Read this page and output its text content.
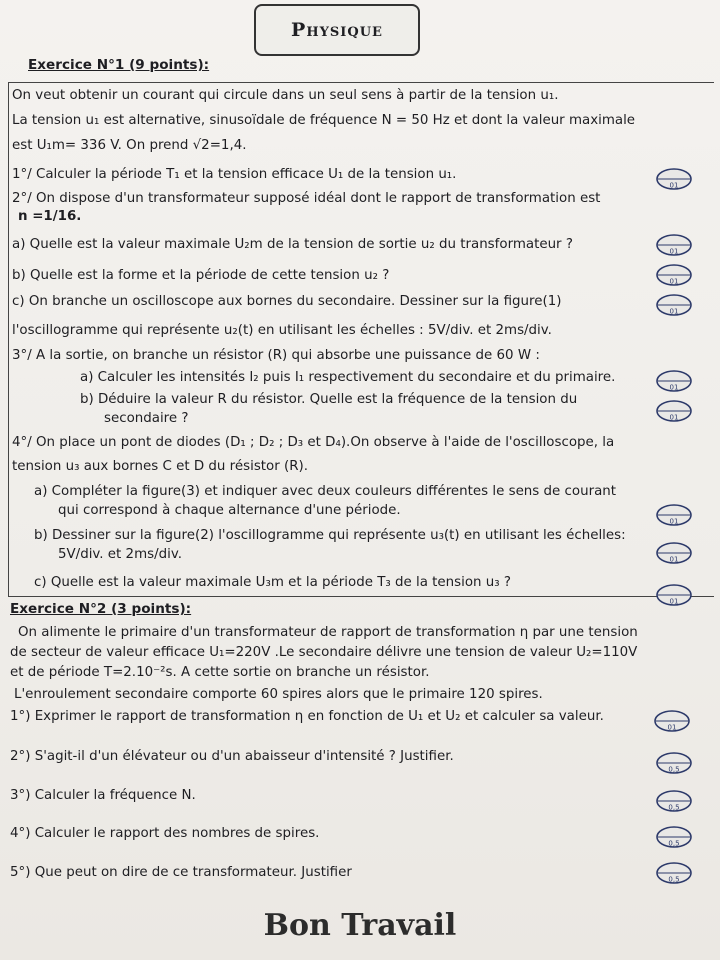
Physique
Exercice N°1 (9 points):
On veut obtenir un courant qui circule dans un seul sens à partir de la tension u₁.
La tension u₁ est alternative, sinusoïdale de fréquence N = 50 Hz et dont la valeur maximale
est U₁m= 336 V. On prend √2=1,4.
1°/ Calculer la période T₁ et la tension efficace U₁ de la tension u₁.
2°/ On dispose d'un transformateur supposé idéal dont le rapport de transformation est
n =1/16.
a) Quelle est la valeur maximale U₂m de la tension de sortie u₂ du transformateur ?
b) Quelle est la forme et la période de cette tension u₂ ?
c) On branche un oscilloscope aux bornes du secondaire. Dessiner sur la figure(1)
l'oscillogramme qui représente u₂(t) en utilisant les échelles : 5V/div. et 2ms/div.
3°/ A la sortie, on branche un résistor (R) qui absorbe une puissance de 60 W :
a) Calculer les intensités I₂ puis I₁ respectivement du secondaire et du primaire.
b) Déduire la valeur R du résistor. Quelle est la fréquence de la tension du
secondaire ?
4°/ On place un pont de diodes (D₁ ; D₂ ; D₃ et D₄).On observe à l'aide de l'oscilloscope, la
tension u₃ aux bornes C et D du résistor (R).
a) Compléter la figure(3) et indiquer avec deux couleurs différentes le sens de courant
qui correspond à chaque alternance d'une période.
b) Dessiner sur la figure(2) l'oscillogramme qui représente u₃(t) en utilisant les échelles:
5V/div. et 2ms/div.
c) Quelle est la valeur maximale U₃m et la période T₃ de la tension u₃ ?
Exercice N°2 (3 points):
On alimente le primaire d'un transformateur de rapport de transformation η par une tension
de secteur de valeur efficace U₁=220V .Le secondaire délivre une tension de valeur U₂=110V
et de période T=2.10⁻²s. A cette sortie on branche un résistor.
L'enroulement secondaire comporte 60 spires alors que le primaire 120 spires.
1°) Exprimer le rapport de transformation η en fonction de U₁ et U₂ et calculer sa valeur.
2°) S'agit-il d'un élévateur ou d'un abaisseur d'intensité ? Justifier.
3°) Calculer la fréquence N.
4°) Calculer le rapport des nombres de spires.
5°) Que peut on dire de ce transformateur. Justifier
01
01
01
01
01
01
01
01
01
01
0,5
0,5
0,5
0,5
Bon Travail
